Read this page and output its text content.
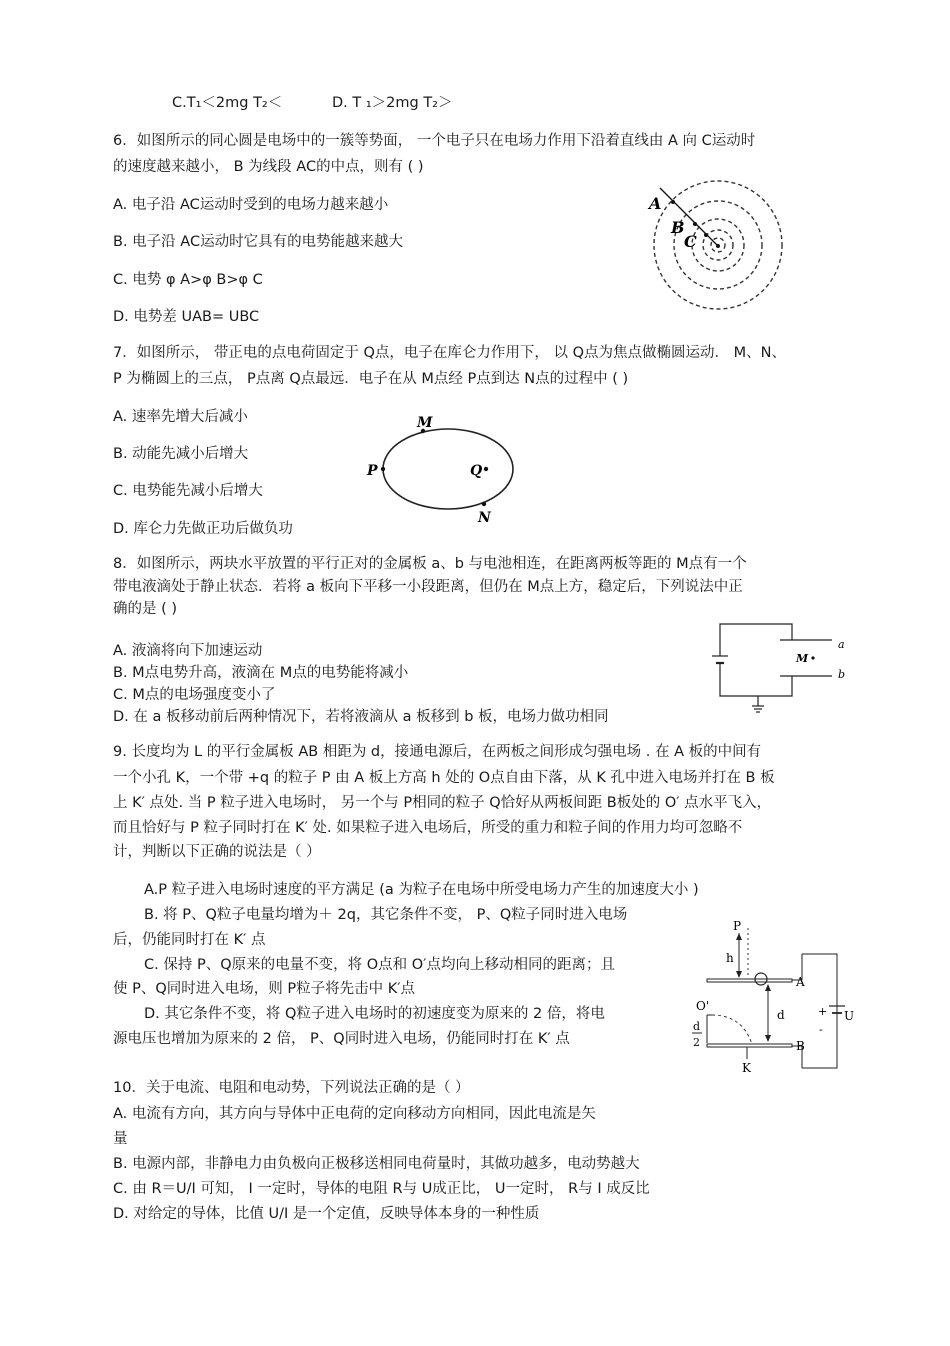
C.T₁＜2mg T₂＜	D. T ₁＞2mg T₂＞
6．如图所示的同心圆是电场中的一簇等势面， 一个电子只在电场力作用下沿着直线由 A 向 C运动时
的速度越来越小， B 为线段 AC的中点，则有 ( )
A. 电子沿 AC运动时受到的电场力越来越小
B. 电子沿 AC运动时它具有的电势能越来越大
C. 电势 φ A>φ B>φ C
D. 电势差 UAB= UBC
7．如图所示， 带正电的点电荷固定于 Q点，电子在库仑力作用下， 以 Q点为焦点做椭圆运动． M、N、
P 为椭圆上的三点， P点离 Q点最远．电子在从 M点经 P点到达 N点的过程中 ( )
A. 速率先增大后减小
B. 动能先减小后增大
C. 电势能先减小后增大
D. 库仑力先做正功后做负功
8．如图所示，两块水平放置的平行正对的金属板 a、b 与电池相连，在距离两板等距的 M点有一个
带电液滴处于静止状态．若将 a 板向下平移一小段距离，但仍在 M点上方，稳定后，下列说法中正
确的是 ( )
A. 液滴将向下加速运动
B. M点电势升高，液滴在 M点的电势能将减小
C. M点的电场强度变小了
D. 在 a 板移动前后两种情况下，若将液滴从 a 板移到 b 板，电场力做功相同
9. 长度均为 L 的平行金属板 AB 相距为 d，接通电源后，在两板之间形成匀强电场 . 在 A 板的中间有
一个小孔 K，一个带 +q 的粒子 P 由 A 板上方高 h 处的 O点自由下落，从 K 孔中进入电场并打在 B 板
上 K′ 点处. 当 P 粒子进入电场时， 另一个与 P相同的粒子 Q恰好从两板间距 B板处的 O′ 点水平飞入，
而且恰好与 P 粒子同时打在 K′ 处. 如果粒子进入电场后，所受的重力和粒子间的作用力均可忽略不
计，判断以下正确的说法是（ ）
A.P 粒子进入电场时速度的平方满足 (a 为粒子在电场中所受电场力产生的加速度大小 )
B. 将 P、Q粒子电量均增为＋ 2q，其它条件不变， P、Q粒子同时进入电场
后，仍能同时打在 K′ 点
C. 保持 P、Q原来的电量不变，将 O点和 O′点均向上移动相同的距离；且
使 P、Q同时进入电场，则 P粒子将先击中 K′点
D. 其它条件不变，将 Q粒子进入电场时的初速度变为原来的 2 倍，将电
源电压也增加为原来的 2 倍， P、Q同时进入电场，仍能同时打在 K′ 点
10．关于电流、电阻和电动势，下列说法正确的是（ ）
A. 电流有方向，其方向与导体中正电荷的定向移动方向相同，因此电流是矢
量
B. 电源内部，非静电力由负极向正极移送相同电荷量时，其做功越多，电动势越大
C. 由 R＝U/I 可知， I 一定时，导体的电阻 R与 U成正比， U一定时， R与 I 成反比
D. 对给定的导体，比值 U/I 是一个定值，反映导体本身的一种性质
A
B
C
M
P	Q
N
M
a
b
P
h
A
+
-
U
d
O'
d
2	B
K
